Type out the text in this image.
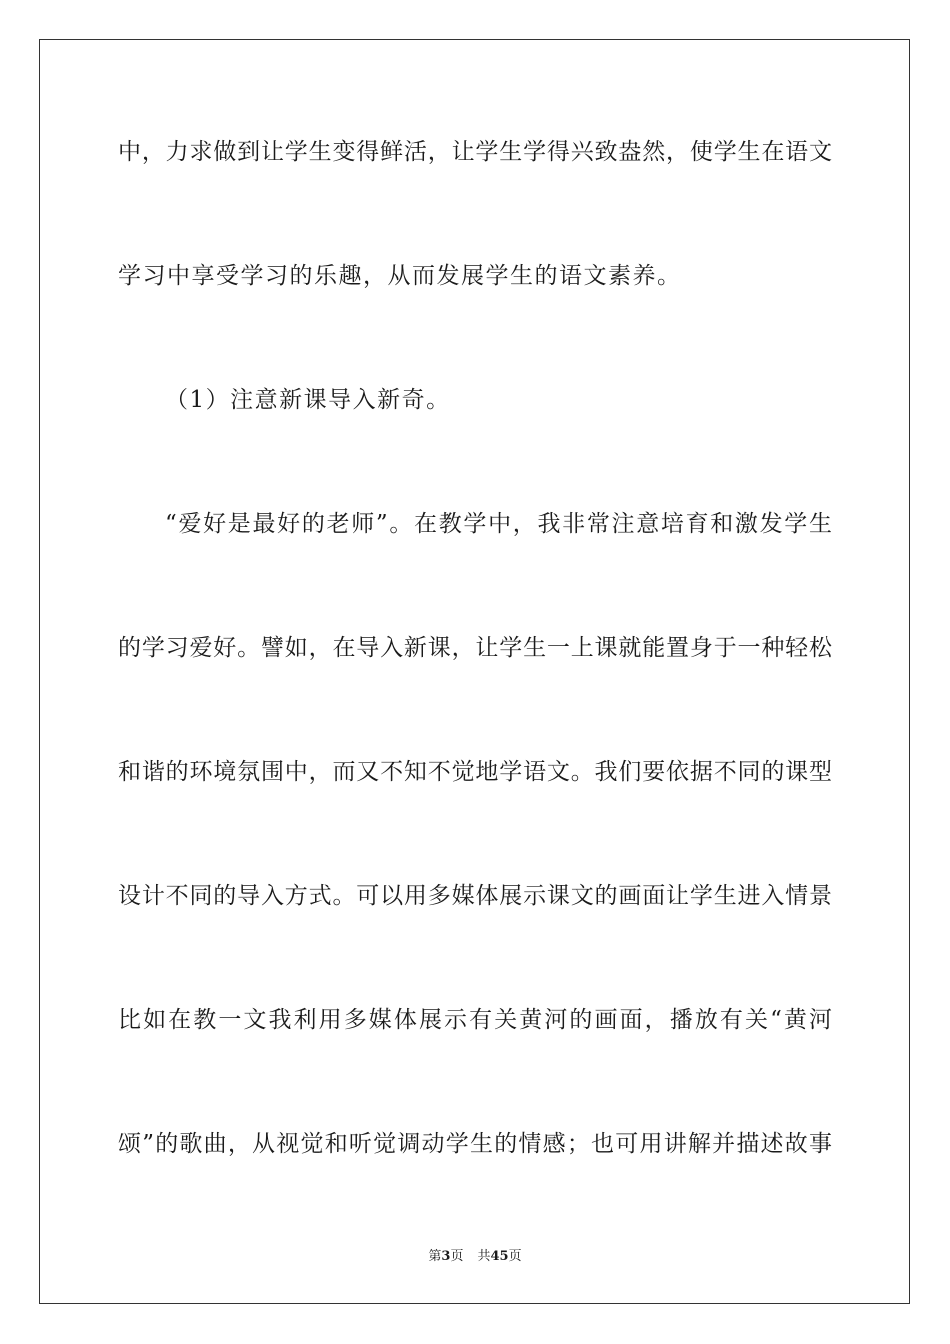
中，力求做到让学生变得鲜活，让学生学得兴致盎然，使学生在语文
学习中享受学习的乐趣，从而发展学生的语文素养。
（1）注意新课导入新奇。
“爱好是最好的老师”。在教学中，我非常注意培育和激发学生
的学习爱好。譬如，在导入新课，让学生一上课就能置身于一种轻松
和谐的环境氛围中，而又不知不觉地学语文。我们要依据不同的课型
设计不同的导入方式。可以用多媒体展示课文的画面让学生进入情景
比如在教一文我利用多媒体展示有关黄河的画面，播放有关“黄河
颂”的歌曲，从视觉和听觉调动学生的情感；也可用讲解并描述故事
第3页 共45页
